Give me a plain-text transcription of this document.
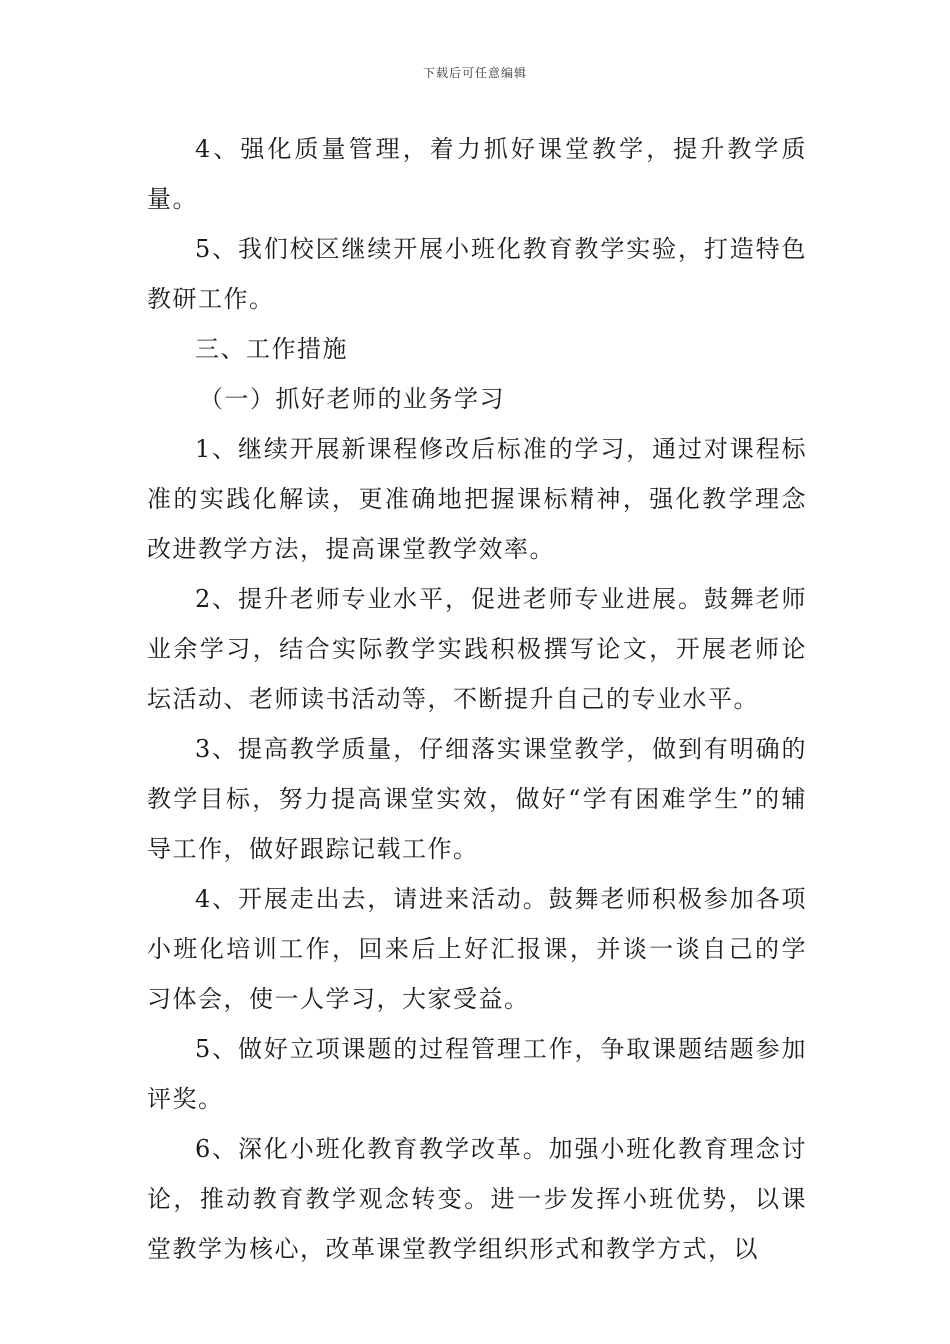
下载后可任意编辑

4、强化质量管理，着力抓好课堂教学，提升教学质量。

5、我们校区继续开展小班化教育教学实验，打造特色教研工作。

三、工作措施

（一）抓好老师的业务学习

1、继续开展新课程修改后标准的学习，通过对课程标准的实践化解读，更准确地把握课标精神，强化教学理念改进教学方法，提高课堂教学效率。

2、提升老师专业水平，促进老师专业进展。鼓舞老师业余学习，结合实际教学实践积极撰写论文，开展老师论坛活动、老师读书活动等，不断提升自己的专业水平。

3、提高教学质量，仔细落实课堂教学，做到有明确的教学目标，努力提高课堂实效，做好“学有困难学生”的辅导工作，做好跟踪记载工作。

4、开展走出去，请进来活动。鼓舞老师积极参加各项小班化培训工作，回来后上好汇报课，并谈一谈自己的学习体会，使一人学习，大家受益。

5、做好立项课题的过程管理工作，争取课题结题参加评奖。

6、深化小班化教育教学改革。加强小班化教育理念讨论，推动教育教学观念转变。进一步发挥小班优势，以课堂教学为核心，改革课堂教学组织形式和教学方式，以
